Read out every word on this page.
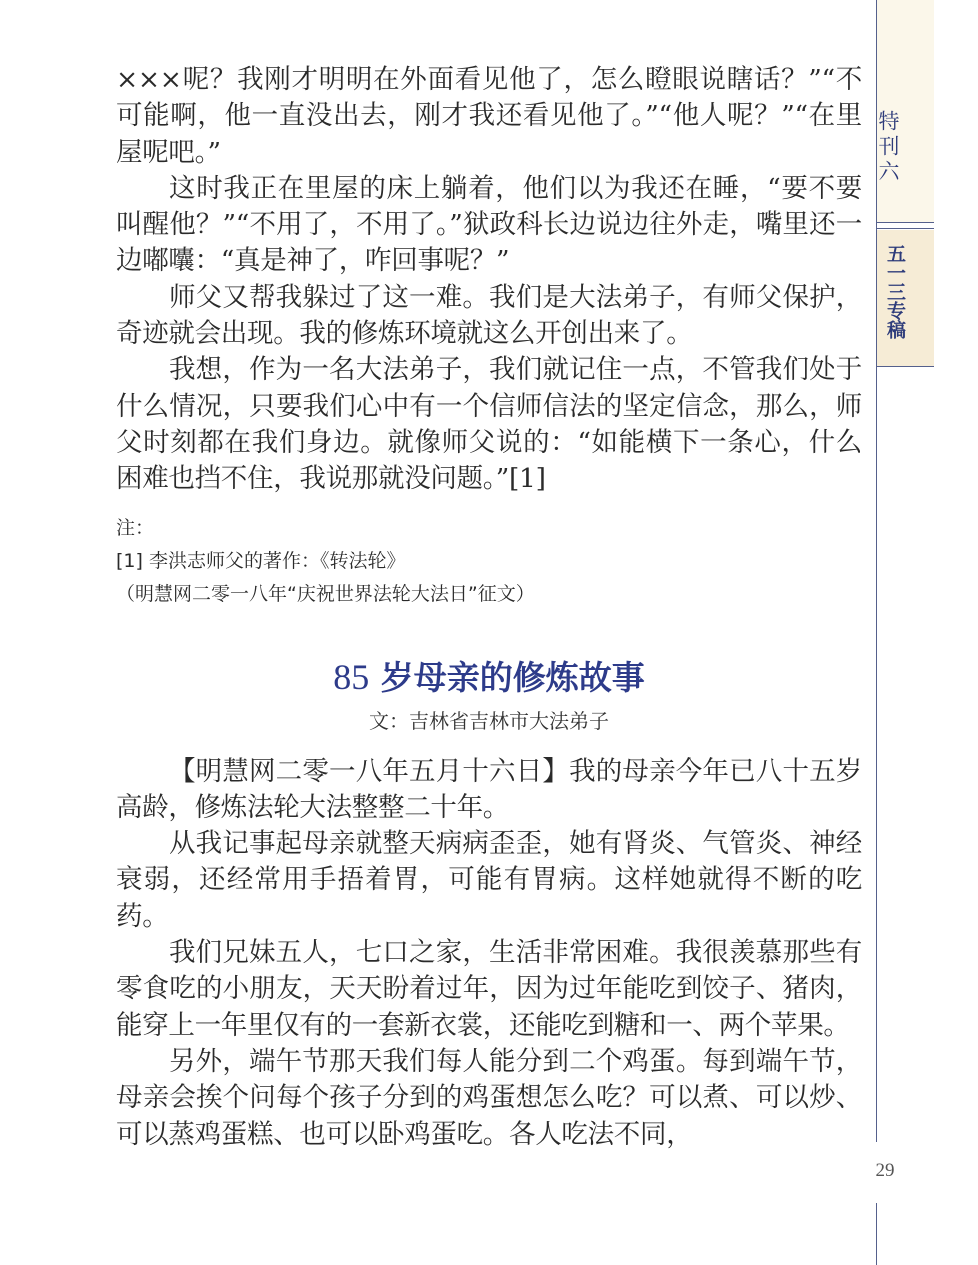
特刊六
五一三专稿
29

×××呢？我刚才明明在外面看见他了，怎么瞪眼说瞎话？”“不可能啊，他一直没出去，刚才我还看见他了。”“他人呢？”“在里屋呢吧。”

这时我正在里屋的床上躺着，他们以为我还在睡，“要不要叫醒他？”“不用了，不用了。”狱政科长边说边往外走，嘴里还一边嘟囔：“真是神了，咋回事呢？”

师父又帮我躲过了这一难。我们是大法弟子，有师父保护，奇迹就会出现。我的修炼环境就这么开创出来了。

我想，作为一名大法弟子，我们就记住一点，不管我们处于什么情况，只要我们心中有一个信师信法的坚定信念，那么，师父时刻都在我们身边。就像师父说的：“如能横下一条心，什么困难也挡不住，我说那就没问题。”[1]

注：
[1] 李洪志师父的著作：《转法轮》
（明慧网二零一八年“庆祝世界法轮大法日”征文）
85 岁母亲的修炼故事
文：吉林省吉林市大法弟子

【明慧网二零一八年五月十六日】我的母亲今年已八十五岁高龄，修炼法轮大法整整二十年。

从我记事起母亲就整天病病歪歪，她有肾炎、气管炎、神经衰弱，还经常用手捂着胃，可能有胃病。这样她就得不断的吃药。

我们兄妹五人，七口之家，生活非常困难。我很羡慕那些有零食吃的小朋友，天天盼着过年，因为过年能吃到饺子、猪肉，能穿上一年里仅有的一套新衣裳，还能吃到糖和一、两个苹果。

另外，端午节那天我们每人能分到二个鸡蛋。每到端午节，母亲会挨个问每个孩子分到的鸡蛋想怎么吃？可以煮、可以炒、可以蒸鸡蛋糕、也可以卧鸡蛋吃。各人吃法不同，
